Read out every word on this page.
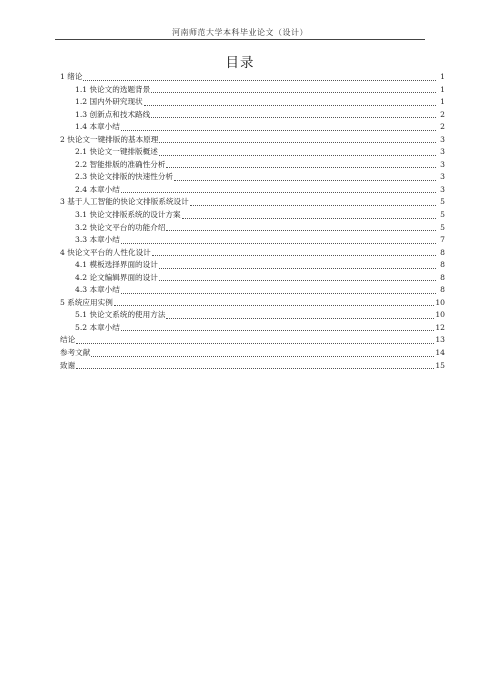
河南师范大学本科毕业论文（设计）
目录
1 绪论	1
1.1 快论文的选题背景	1
1.2 国内外研究现状	1
1.3 创新点和技术路线	2
1.4 本章小结	2
2 快论文一键排版的基本原理	3
2.1 快论文一键排版概述	3
2.2 智能排版的准确性分析	3
2.3 快论文排版的快速性分析	3
2.4 本章小结	3
3 基于人工智能的快论文排版系统设计	5
3.1 快论文排版系统的设计方案	5
3.2 快论文平台的功能介绍	5
3.3 本章小结	7
4 快论文平台的人性化设计	8
4.1 模板选择界面的设计	8
4.2 论文编辑界面的设计	8
4.3 本章小结	8
5 系统应用实例	10
5.1 快论文系统的使用方法	10
5.2 本章小结	12
结论	13
参考文献	14
致谢	15
